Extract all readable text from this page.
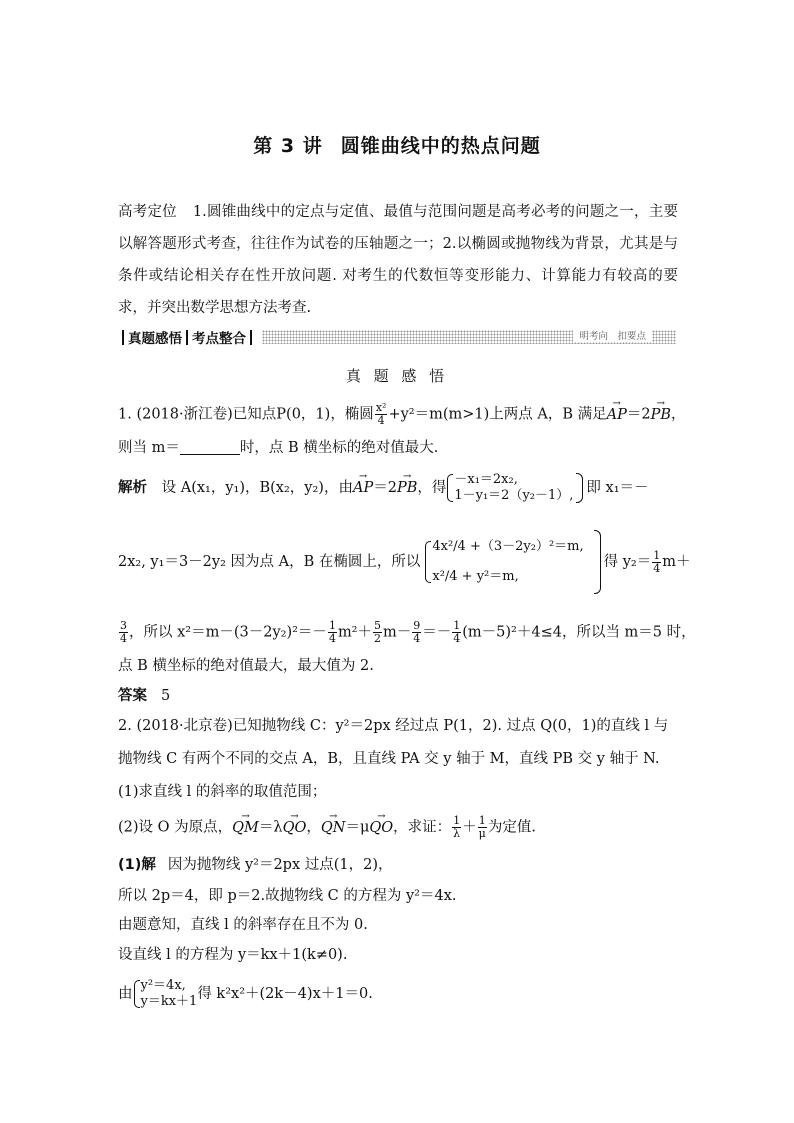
第 3 讲 圆锥曲线中的热点问题
高考定位 1.圆锥曲线中的定点与定值、最值与范围问题是高考必考的问题之一，主要以解答题形式考查，往往作为试卷的压轴题之一；2.以椭圆或抛物线为背景，尤其是与条件或结论相关存在性开放问题. 对考生的代数恒等变形能力、计算能力有较高的要求，并突出数学思想方法考查.
真题感悟 考点整合	明考向　扣要点
真 题 感 悟
1. (2018·浙江卷)已知点P(0，1)，椭圆 $\frac{\text{x²}}{4} +y^2=m(m>1)$上两点 A，B 满足→ AP＝2→ PB，
则当 m＝	时，点 B 横坐标的绝对值最大.
解析 设 A(x₁，y₁)，B(x₂，y₂)，由→ AP＝2→ PB，得
－x₁＝2x₂,
1－y₁＝2（y₂－1）, 即 x₁＝－
2x₂, y₁＝3－2y₂ 因为点 A，B 在椭圆上，所以
4x²/4 +（3－2y₂）²＝m,
x²/4 + y²＝m,
得 $y_2= \frac{1}{4} m+$
$\frac{3}{4}$ ，所以 $x^2=m-(3-2y_2)^2=- \frac{1}{4} m^2+ \frac{5}{2} m- \frac{9}{4} =- \frac{1}{4} (m-5)^2+4\le 4$，所以当 m＝5 时，
点 B 横坐标的绝对值最大，最大值为 2.
答案 5
2. (2018·北京卷)已知抛物线 C：y²＝2px 经过点 P(1，2). 过点 Q(0，1)的直线 l 与
抛物线 C 有两个不同的交点 A，B，且直线 PA 交 y 轴于 M，直线 PB 交 y 轴于 N.
(1)求直线 l 的斜率的取值范围；
(2)设 O 为原点，→ QM＝λ→ QO，→ QN＝μ→ QO，求证： $\frac{1}{\lambda} + \frac{1}{\mu}$ 为定值.
(1)解 因为抛物线 y²＝2px 过点(1，2)，
所以 2p＝4，即 p＝2.故抛物线 C 的方程为 y²＝4x.
由题意知，直线 l 的斜率存在且不为 0.
设直线 l 的方程为 y＝kx＋1(k≠0).
由
y²＝4x,
y＝kx＋1 得 k²x²＋(2k－4)x＋1＝0.
